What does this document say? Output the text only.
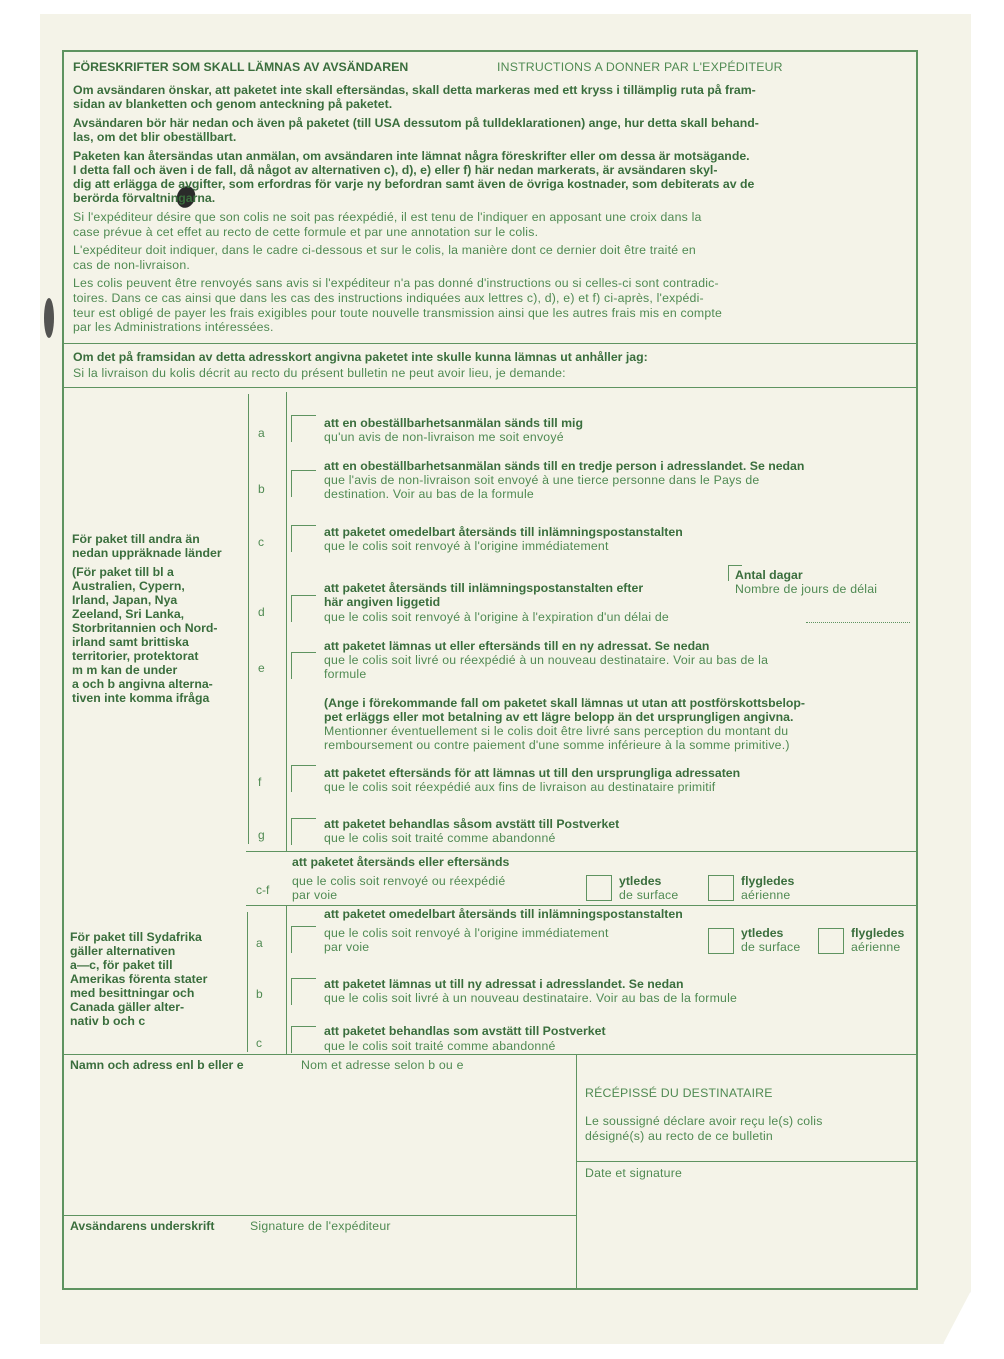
FÖRESKRIFTER SOM SKALL LÄMNAS AV AVSÄNDAREN	INSTRUCTIONS A DONNER PAR L'EXPÉDITEUR
Om avsändaren önskar, att paketet inte skall eftersändas, skall detta markeras med ett kryss i tillämplig ruta på fram-
sidan av blanketten och genom anteckning på paketet.
Avsändaren bör här nedan och även på paketet (till USA dessutom på tulldeklarationen) ange, hur detta skall behand-
las, om det blir obeställbart.
Paketen kan återsändas utan anmälan, om avsändaren inte lämnat några föreskrifter eller om dessa är motsägande.
I detta fall och även i de fall, då något av alternativen c), d), e) eller f) här nedan markerats, är avsändaren skyl-
dig att erlägga de avgifter, som erfordras för varje ny befordran samt även de övriga kostnader, som debiterats av de
berörda förvaltningarna.
Si l'expéditeur désire que son colis ne soit pas réexpédié, il est tenu de l'indiquer en apposant une croix dans la
case prévue à cet effet au recto de cette formule et par une annotation sur le colis.
L'expéditeur doit indiquer, dans le cadre ci-dessous et sur le colis, la manière dont ce dernier doit être traité en
cas de non-livraison.
Les colis peuvent être renvoyés sans avis si l'expéditeur n'a pas donné d'instructions ou si celles-ci sont contradic-
toires. Dans ce cas ainsi que dans les cas des instructions indiquées aux lettres c), d), e) et f) ci-après, l'expédi-
teur est obligé de payer les frais exigibles pour toute nouvelle transmission ainsi que les autres frais mis en compte
par les Administrations intéressées.
Om det på framsidan av detta adresskort angivna paketet inte skulle kunna lämnas ut anhåller jag:
Si la livraison du kolis décrit au recto du présent bulletin ne peut avoir lieu, je demande:
För paket till andra än
nedan uppräknade länder
(För paket till bl a
Australien, Cypern,
Irland, Japan, Nya
Zeeland, Sri Lanka,
Storbritannien och Nord-
irland samt brittiska
territorier, protektorat
m m kan de under
a och b angivna alterna-
tiven inte komma ifråga
a
att en obeställbarhetsanmälan sänds till mig
qu'un avis de non-livraison me soit envoyé
b
att en obeställbarhetsanmälan sänds till en tredje person i adresslandet. Se nedan
que l'avis de non-livraison soit envoyé à une tierce personne dans le Pays de
destination. Voir au bas de la formule
c
att paketet omedelbart återsänds till inlämningspostanstalten
que le colis soit renvoyé à l'origine immédiatement
Antal dagar
Nombre de jours de délai
d
att paketet återsänds till inlämningspostanstalten efter
här angiven liggetid
que le colis soit renvoyé à l'origine à l'expiration d'un délai de
e
att paketet lämnas ut eller eftersänds till en ny adressat. Se nedan
que le colis soit livré ou réexpédié à un nouveau destinataire. Voir au bas de la
formule
(Ange i förekommande fall om paketet skall lämnas ut utan att postförskottsbelop-
pet erläggs eller mot betalning av ett lägre belopp än det ursprungligen angivna.
Mentionner éventuellement si le colis doit être livré sans perception du montant du
remboursement ou contre paiement d'une somme inférieure à la somme primitive.)
f
att paketet eftersänds för att lämnas ut till den ursprungliga adressaten
que le colis soit réexpédié aux fins de livraison au destinataire primitif
g
att paketet behandlas såsom avstätt till Postverket
que le colis soit traité comme abandonné
c-f
att paketet återsänds eller eftersänds
que le colis soit renvoyé ou réexpédié
par voie
ytledes
de surface
flygledes
aérienne
För paket till Sydafrika
gäller alternativen
a—c, för paket till
Amerikas förenta stater
med besittningar och
Canada gäller alter-
nativ b och c
a
att paketet omedelbart återsänds till inlämningspostanstalten
que le colis soit renvoyé à l'origine immédiatement
par voie
ytledes
de surface
flygledes
aérienne
b
att paketet lämnas ut till ny adressat i adresslandet. Se nedan
que le colis soit livré à un nouveau destinataire. Voir au bas de la formule
c
att paketet behandlas som avstätt till Postverket
que le colis soit traité comme abandonné
Namn och adress enl b eller e	Nom et adresse selon b ou e
RÉCÉPISSÉ DU DESTINATAIRE
Le soussigné déclare avoir reçu le(s) colis
désigné(s) au recto de ce bulletin
Date et signature
Avsändarens underskrift	Signature de l'expéditeur
